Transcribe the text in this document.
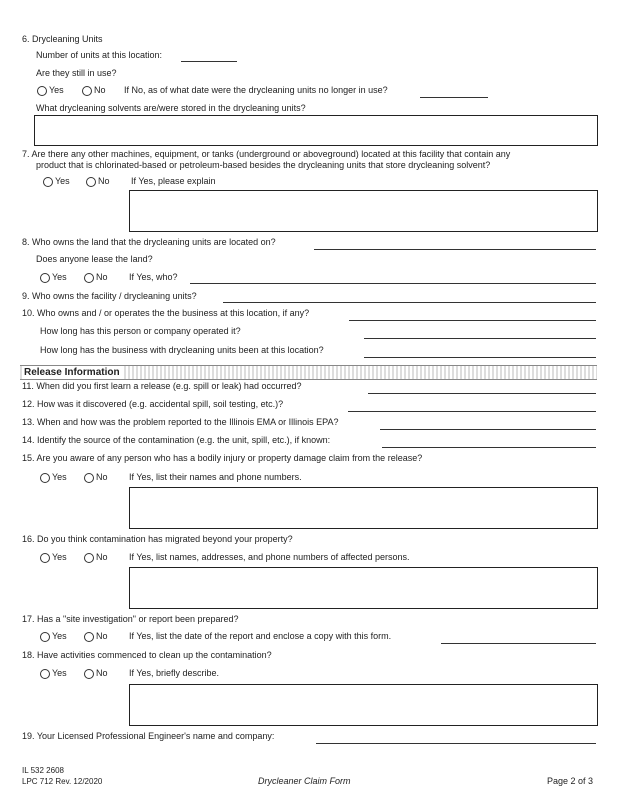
6. Drycleaning Units
Number of units at this location:
Are they still in use?
Yes	No If No, as of what date were the drycleaning units no longer in use?
What drycleaning solvents are/were stored in the drycleaning units?
7. Are there any other machines, equipment, or tanks (underground or aboveground) located at this facility that contain any
product that is chlorinated-based or petroleum-based besides the drycleaning units that store drycleaning solvent?
Yes	No If Yes, please explain
8. Who owns the land that the drycleaning units are located on?
Does anyone lease the land?
Yes	No If Yes, who?
9. Who owns the facility / drycleaning units?
10. Who owns and / or operates the the business at this location, if any?
How long has this person or company operated it?
How long has the business with drycleaning units been at this location?
Release Information
11. When did you first learn a release (e.g. spill or leak) had occurred?
12. How was it discovered (e.g. accidental spill, soil testing, etc.)?
13. When and how was the problem reported to the Illinois EMA or Illinois EPA?
14. Identify the source of the contamination (e.g. the unit, spill, etc.), if known:
15. Are you aware of any person who has a bodily injury or property damage claim from the release?
Yes	No If Yes, list their names and phone numbers.
16. Do you think contamination has migrated beyond your property?
Yes	No If Yes, list names, addresses, and phone numbers of affected persons.
17. Has a "site investigation" or report been prepared?
Yes	No If Yes, list the date of the report and enclose a copy with this form.
18. Have activities commenced to clean up the contamination?
Yes	No If Yes, briefly describe.
19. Your Licensed Professional Engineer's name and company:
IL 532 2608
LPC 712 Rev. 12/2020	Drycleaner Claim Form	Page 2 of 3
